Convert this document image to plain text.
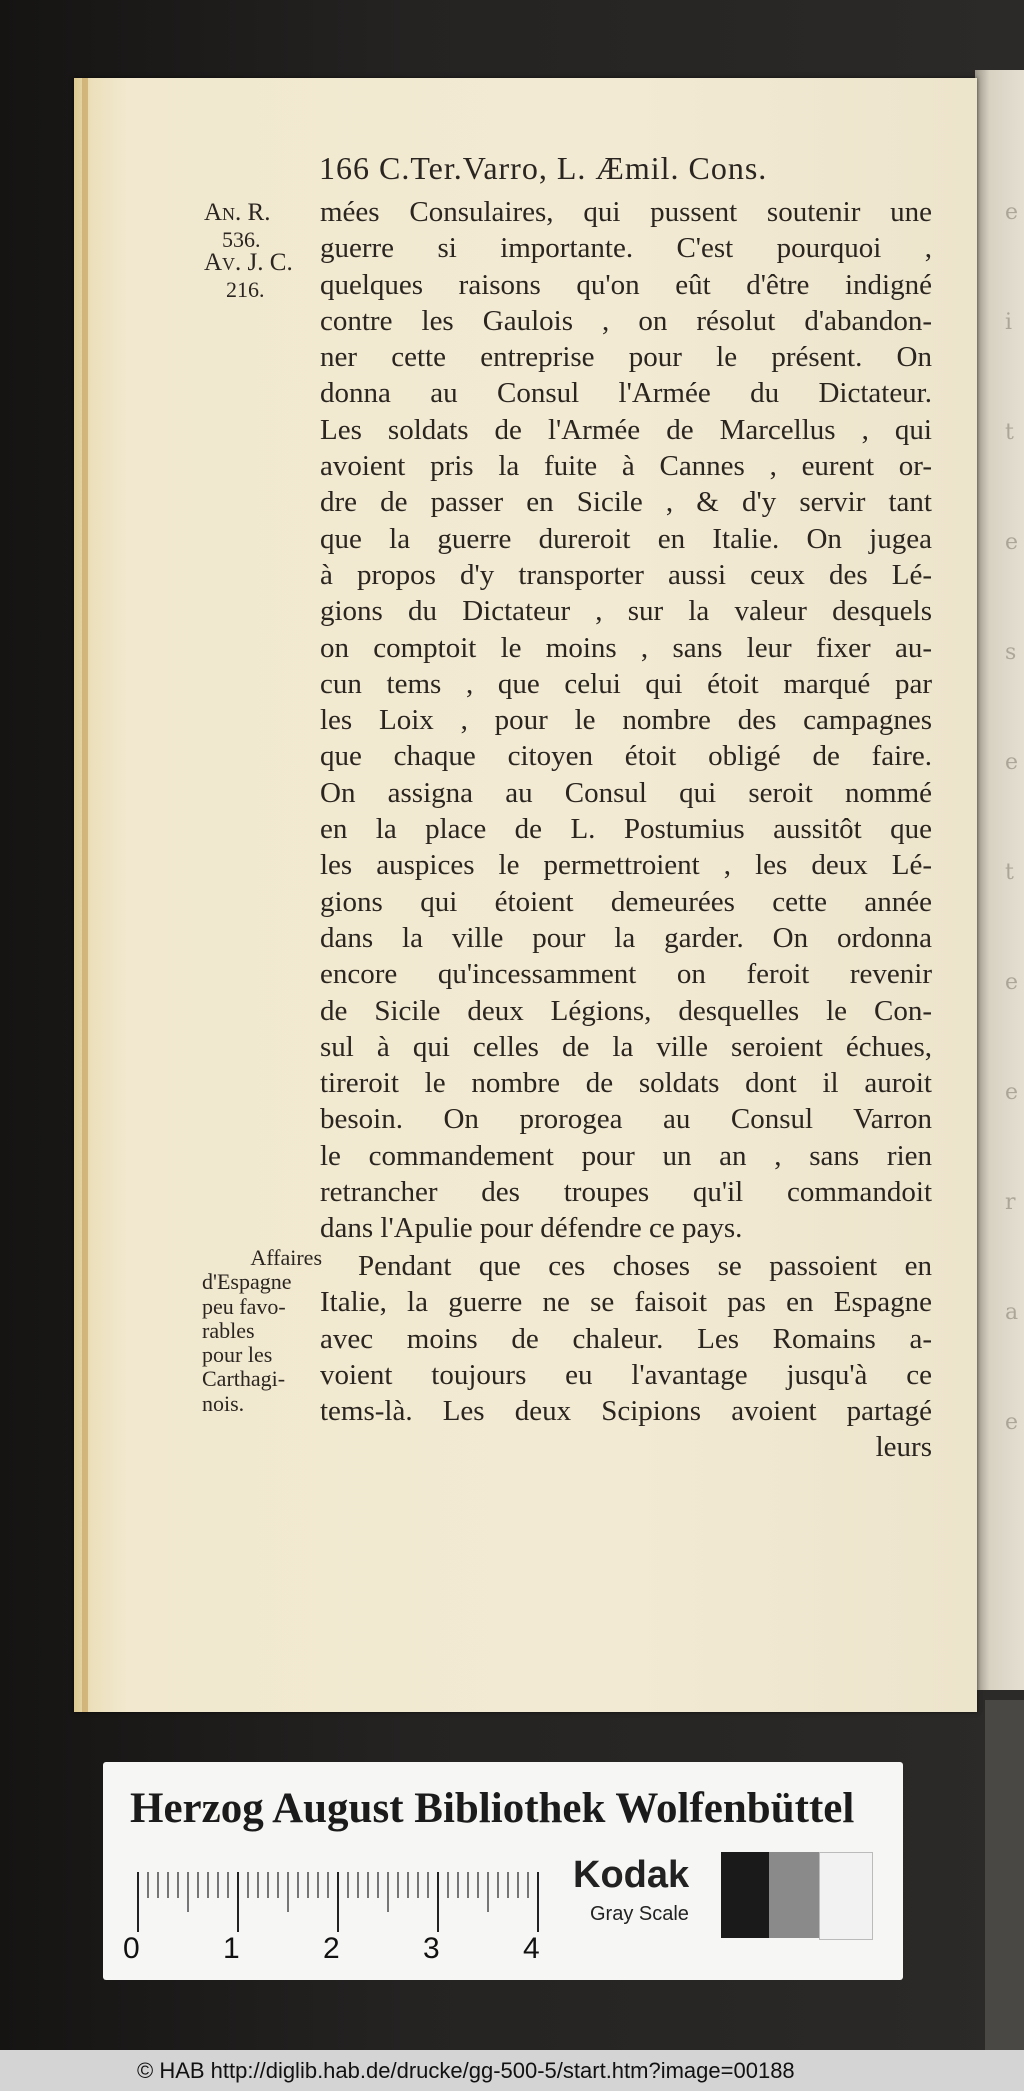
e
i
t
e
s
e
t
e
e
r
a
e
166 C.Ter.Varro, L. Æmil. Cons.
An. R.
536.
Av. J. C.
216.
mées Consulaires, qui pussent soutenir une
guerre si importante. C'est pourquoi ,
quelques raisons qu'on eût d'être indigné
contre les Gaulois , on résolut d'abandon-
ner cette entreprise pour le présent. On
donna au Consul l'Armée du Dictateur.
Les soldats de l'Armée de Marcellus , qui
avoient pris la fuite à Cannes , eurent or-
dre de passer en Sicile , & d'y servir tant
que la guerre dureroit en Italie. On jugea
à propos d'y transporter aussi ceux des Lé-
gions du Dictateur , sur la valeur desquels
on comptoit le moins , sans leur fixer au-
cun tems , que celui qui étoit marqué par
les Loix , pour le nombre des campagnes
que chaque citoyen étoit obligé de faire.
On assigna au Consul qui seroit nommé
en la place de L. Postumius aussitôt que
les auspices le permettroient , les deux Lé-
gions qui étoient demeurées cette année
dans la ville pour la garder. On ordonna
encore qu'incessamment on feroit revenir
de Sicile deux Légions, desquelles le Con-
sul à qui celles de la ville seroient échues,
tireroit le nombre de soldats dont il auroit
besoin. On prorogea au Consul Varron
le commandement pour un an , sans rien
retrancher des troupes qu'il commandoit
dans l'Apulie pour défendre ce pays.
Pendant que ces choses se passoient en
Italie, la guerre ne se faisoit pas en Espagne
avec moins de chaleur. Les Romains a-
voient toujours eu l'avantage jusqu'à ce
tems-là. Les deux Scipions avoient partagé
leurs
Affaires
d'Espagne
peu favo-
rables
pour les
Carthagi-
nois.
Herzog August Bibliothek Wolfenbüttel
0	1	2	3	4
Kodak
Gray Scale
© HAB http://diglib.hab.de/drucke/gg-500-5/start.htm?image=00188
